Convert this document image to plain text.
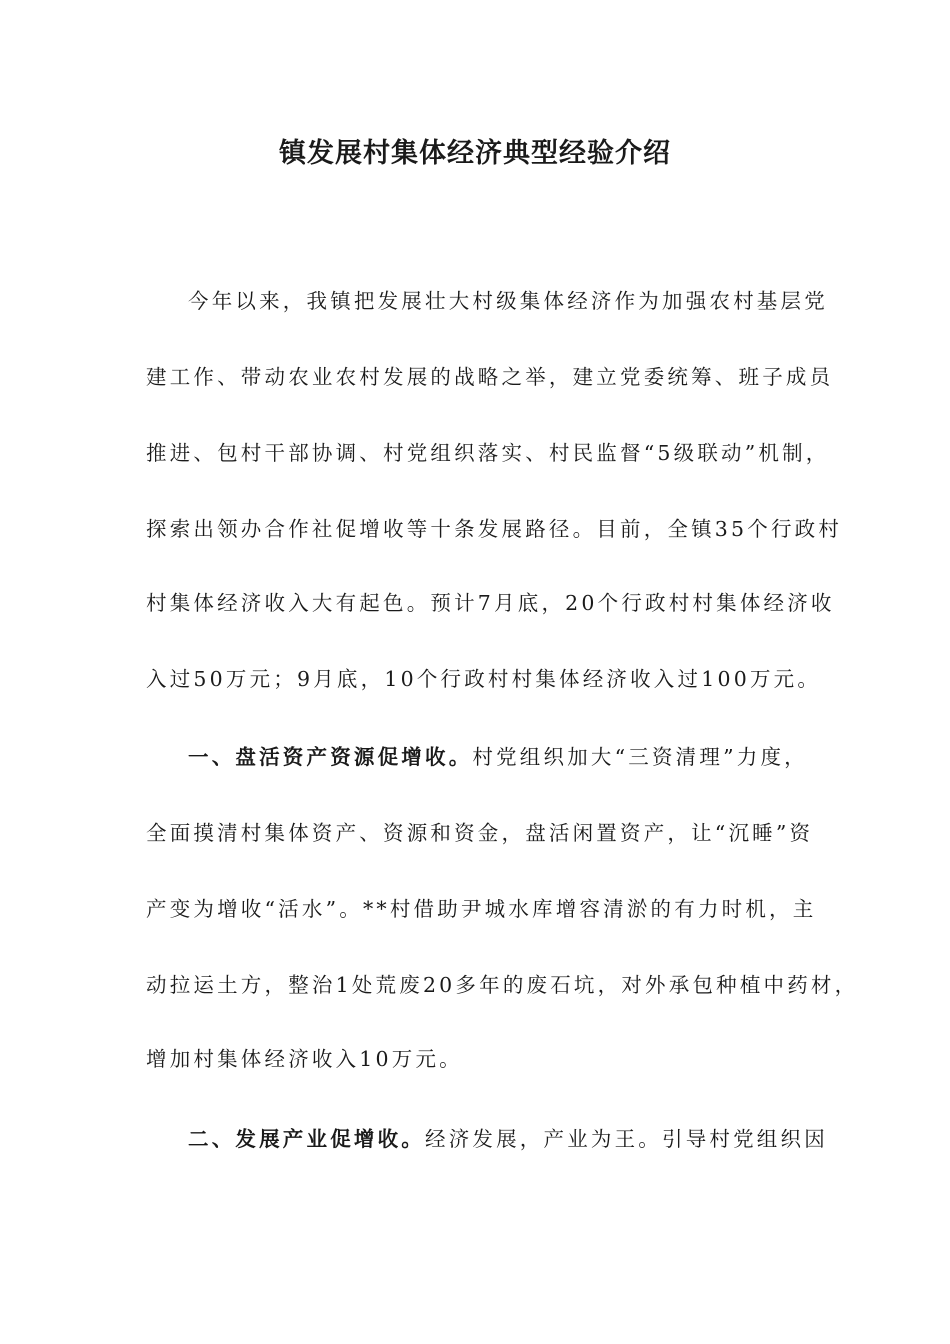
镇发展村集体经济典型经验介绍
今年以来，我镇把发展壮大村级集体经济作为加强农村基层党
建工作、带动农业农村发展的战略之举，建立党委统筹、班子成员
推进、包村干部协调、村党组织落实、村民监督“5级联动”机制，
探索出领办合作社促增收等十条发展路径。目前，全镇35个行政村
村集体经济收入大有起色。预计7月底，20个行政村村集体经济收
入过50万元；9月底，10个行政村村集体经济收入过100万元。
一、盘活资产资源促增收。村党组织加大“三资清理”力度，
全面摸清村集体资产、资源和资金，盘活闲置资产，让“沉睡”资
产变为增收“活水”。**村借助尹城水库增容清淤的有力时机，主
动拉运土方，整治1处荒废20多年的废石坑，对外承包种植中药材，
增加村集体经济收入10万元。
二、发展产业促增收。经济发展，产业为王。引导村党组织因
